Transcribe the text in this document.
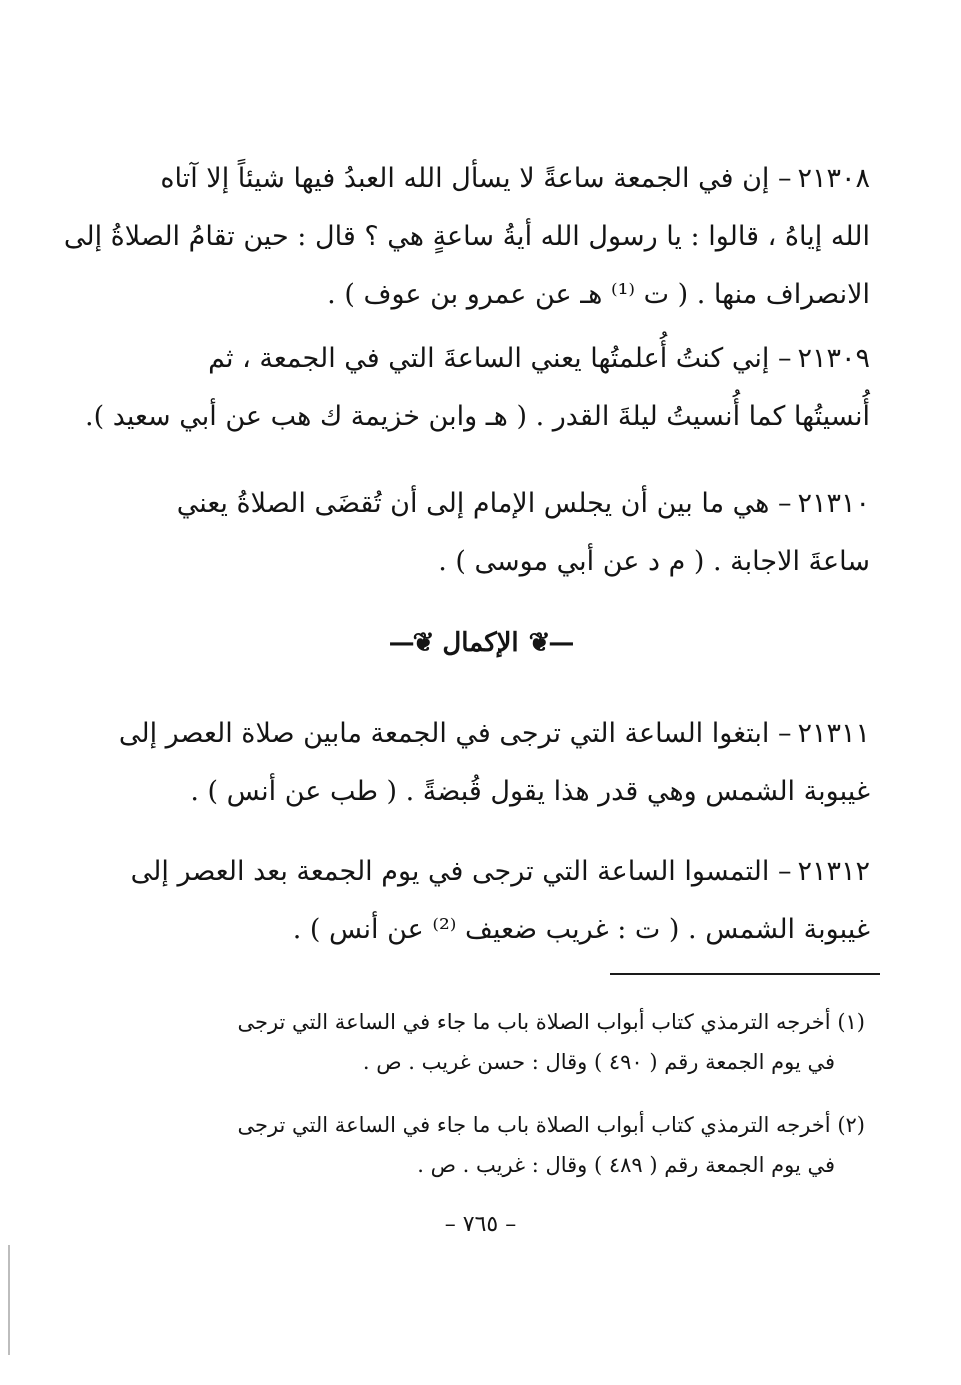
٢١٣٠٨– إن في الجمعة ساعةً لا يسأل الله العبدُ فيها شيئاً إلا آتاه
الله إياهُ ، قالوا : يا رسول الله أيةُ ساعةٍ هي ؟ قال : حين تقامُ الصلاةُ إلى
الانصراف منها . ( ت ⁽¹⁾ هـ عن عمرو بن عوف ) .
٢١٣٠٩– إني كنتُ أُعلمتُها يعني الساعةَ التي في الجمعة ، ثم
أُنسيتُها كما أُنسيتُ ليلةَ القدر . ( هـ وابن خزيمة ك هب عن أبي سعيد ).
٢١٣١٠– هي ما بين أن يجلس الإمام إلى أن تُقضَى الصلاةُ يعني
ساعةَ الاجابة . ( م د عن أبي موسى ) .
—❦
الإكمال
❦—
٢١٣١١– ابتغوا الساعة التي ترجى في الجمعة مابين صلاة العصر إلى
غيبوبة الشمس وهي قدر هذا يقول قُبضةً . ( طب عن أنس ) .
٢١٣١٢– التمسوا الساعة التي ترجى في يوم الجمعة بعد العصر إلى
غيبوبة الشمس . ( ت : غريب ضعيف ⁽²⁾ عن أنس ) .
(١) أخرجه الترمذي كتاب أبواب الصلاة باب ما جاء في الساعة التي ترجى
في يوم الجمعة رقم ( ٤٩٠ ) وقال : حسن غريب . ص .
(٢) أخرجه الترمذي كتاب أبواب الصلاة باب ما جاء في الساعة التي ترجى
في يوم الجمعة رقم ( ٤٨٩ ) وقال : غريب . ص .
– ٧٦٥ –
